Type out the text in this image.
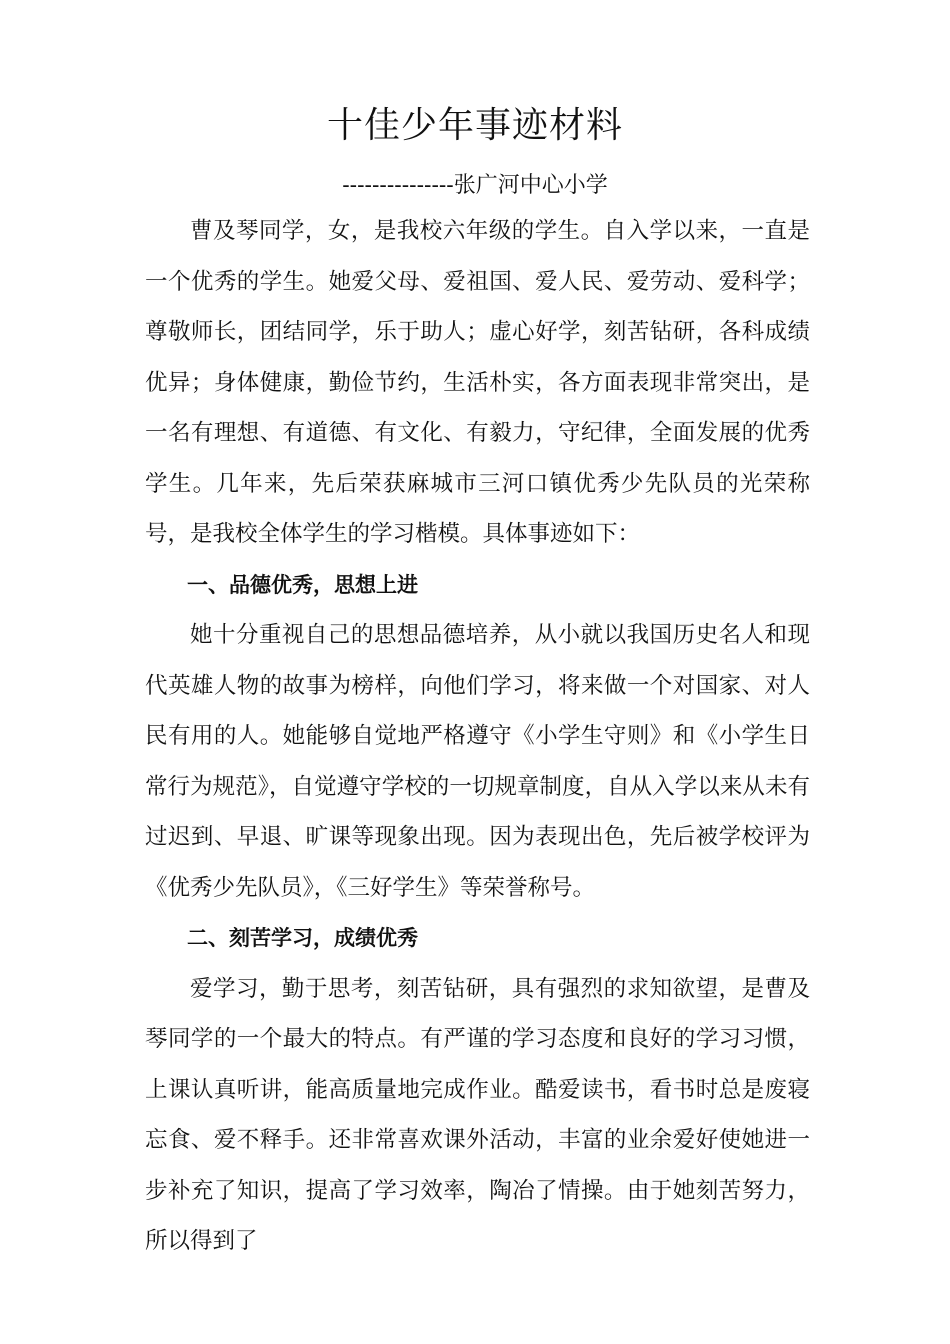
十佳少年事迹材料

---------------张广河中心小学

曹及琴同学，女，是我校六年级的学生。自入学以来，一直是一个优秀的学生。她爱父母、爱祖国、爱人民、爱劳动、爱科学；尊敬师长，团结同学，乐于助人；虚心好学，刻苦钻研，各科成绩优异；身体健康，勤俭节约，生活朴实，各方面表现非常突出，是一名有理想、有道德、有文化、有毅力，守纪律，全面发展的优秀学生。几年来，先后荣获麻城市三河口镇优秀少先队员的光荣称号，是我校全体学生的学习楷模。具体事迹如下：

一、品德优秀，思想上进

她十分重视自己的思想品德培养，从小就以我国历史名人和现代英雄人物的故事为榜样，向他们学习，将来做一个对国家、对人民有用的人。她能够自觉地严格遵守《小学生守则》和《小学生日常行为规范》，自觉遵守学校的一切规章制度，自从入学以来从未有过迟到、早退、旷课等现象出现。因为表现出色，先后被学校评为《优秀少先队员》，《三好学生》等荣誉称号。

二、刻苦学习，成绩优秀

爱学习，勤于思考，刻苦钻研，具有强烈的求知欲望，是曹及琴同学的一个最大的特点。有严谨的学习态度和良好的学习习惯，上课认真听讲，能高质量地完成作业。酷爱读书，看书时总是废寝忘食、爱不释手。还非常喜欢课外活动，丰富的业余爱好使她进一步补充了知识，提高了学习效率，陶冶了情操。由于她刻苦努力，所以得到了
